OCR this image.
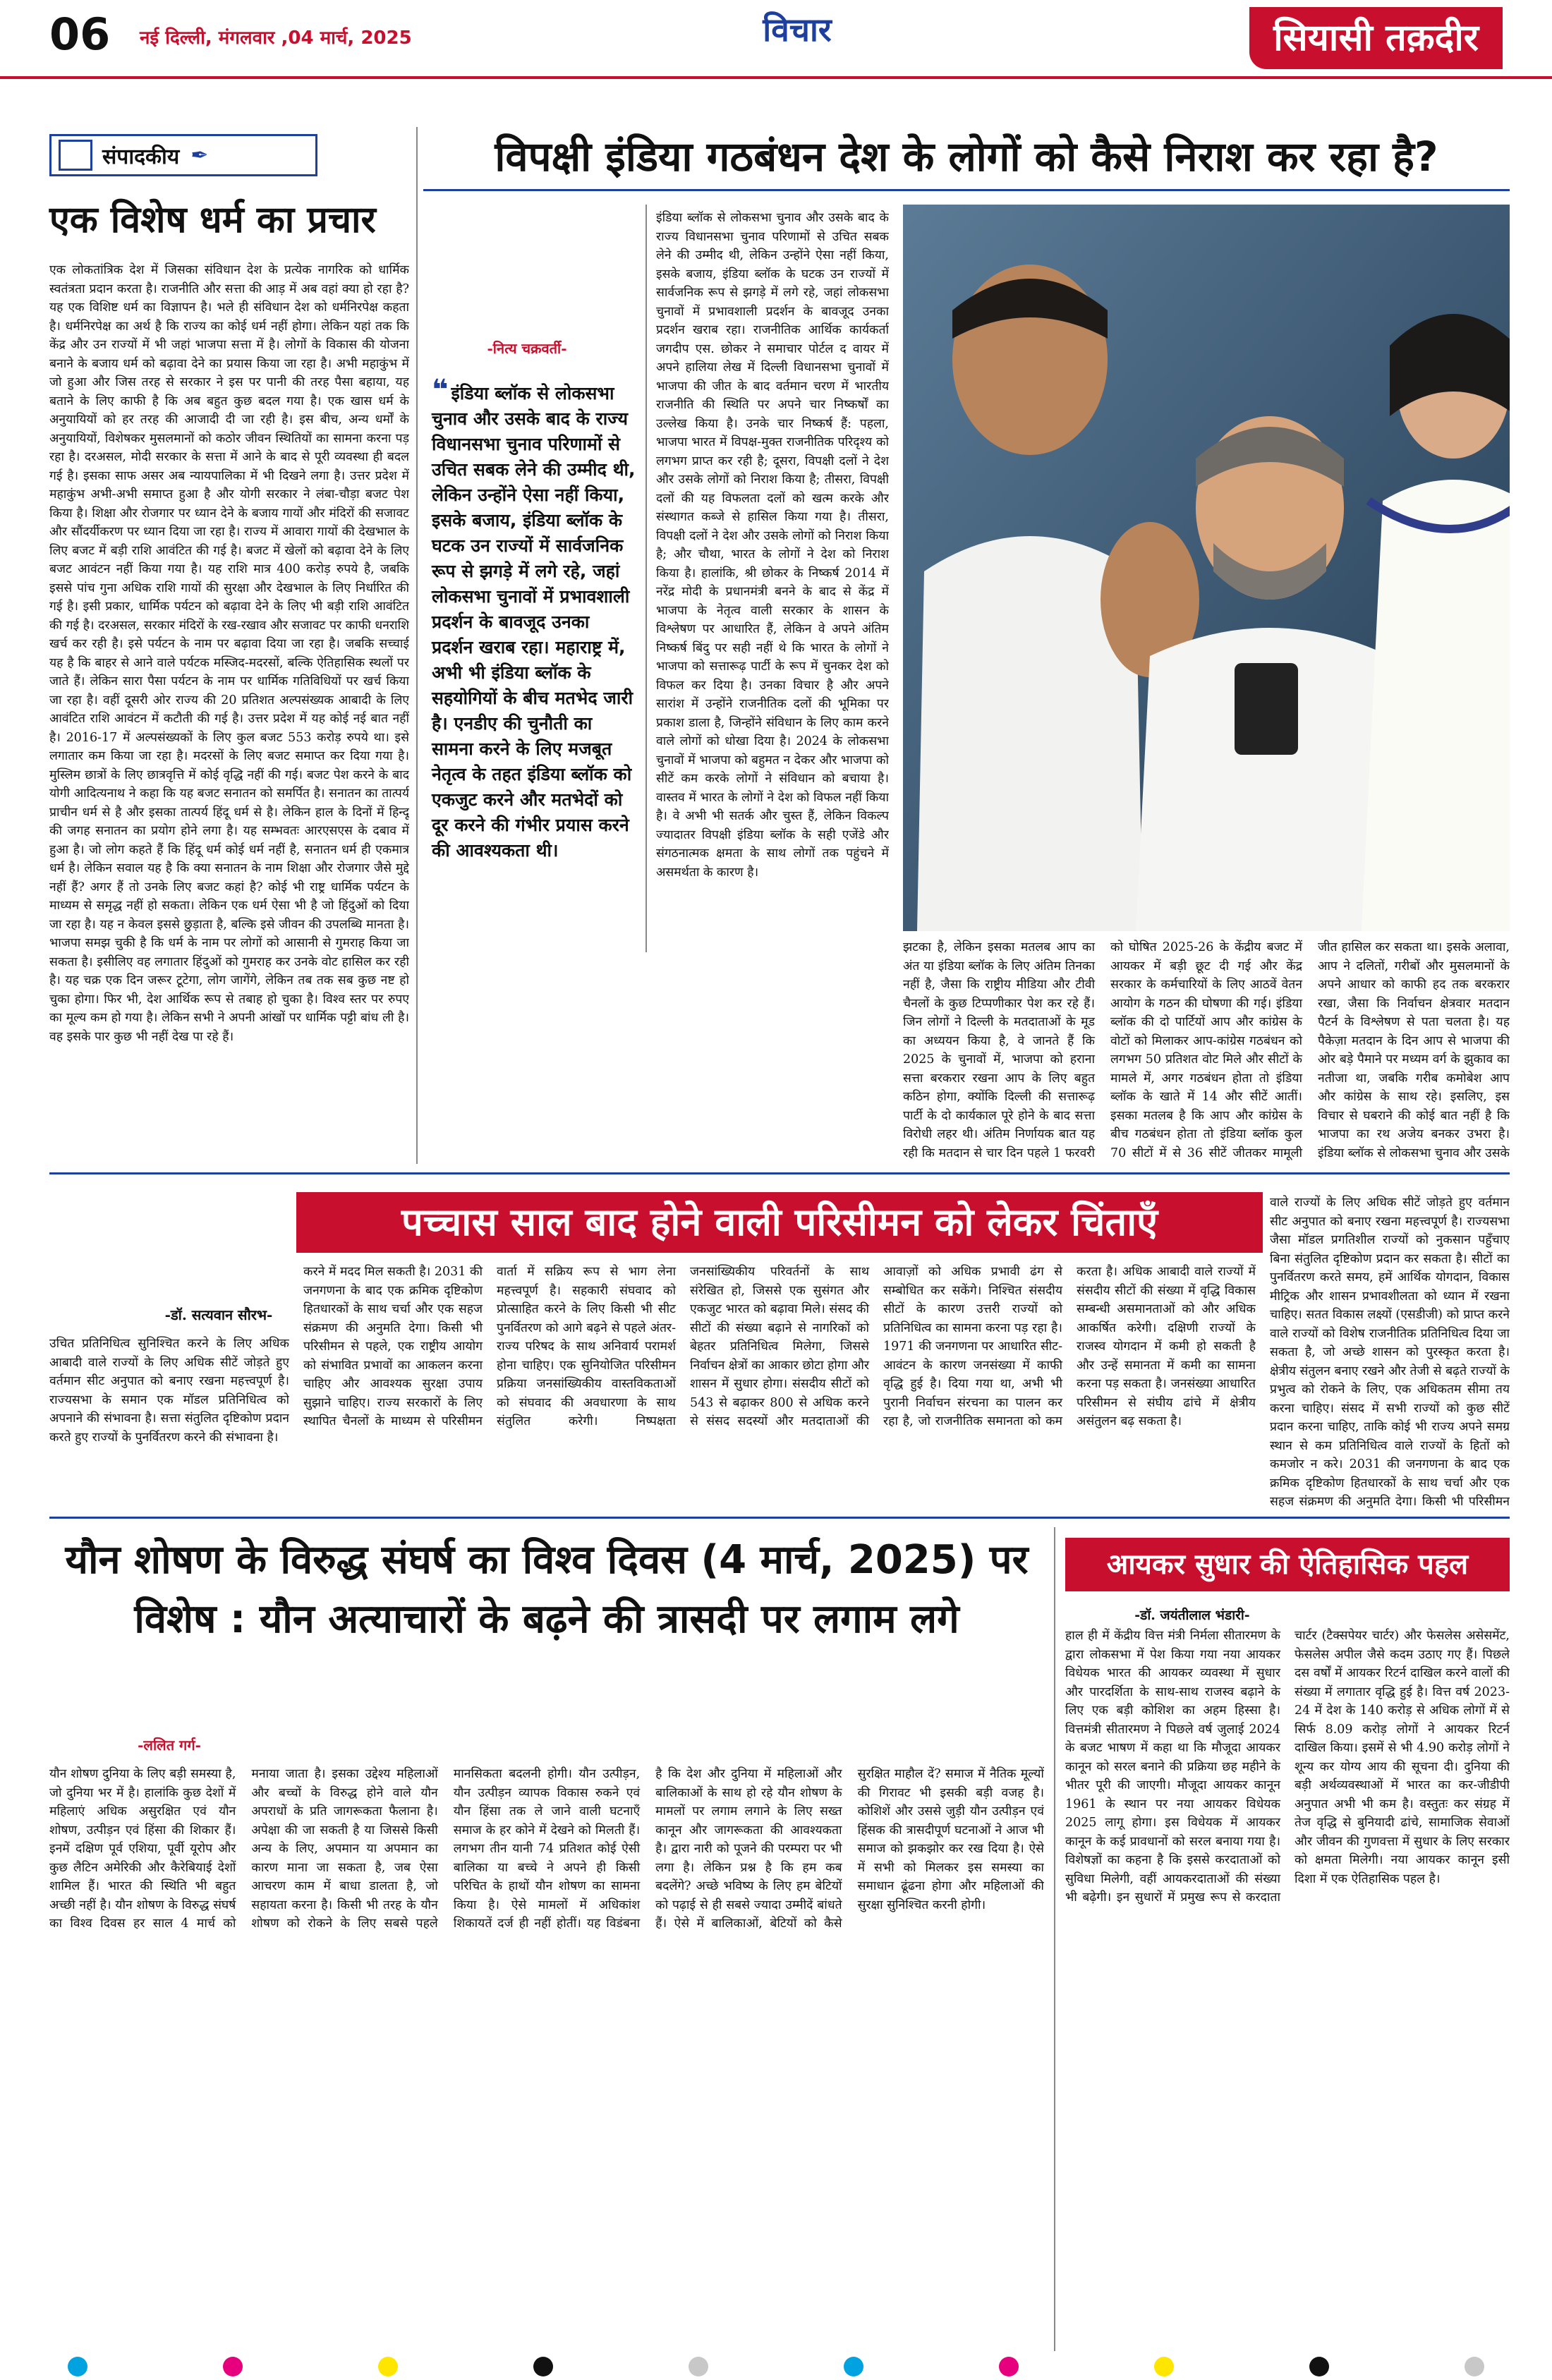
06 नई दिल्ली, मंगलवार ,04 मार्च, 2025	विचार	सियासी तक़दीर
संपादकीय ✒
एक विशेष धर्म का प्रचार
एक लोकतांत्रिक देश में जिसका संविधान देश के प्रत्येक नागरिक को धार्मिक स्वतंत्रता प्रदान करता है। राजनीति और सत्ता की आड़ में अब वहां क्या हो रहा है? यह एक विशिष्ट धर्म का विज्ञापन है। भले ही संविधान देश को धर्मनिरपेक्ष कहता है। धर्मनिरपेक्ष का अर्थ है कि राज्य का कोई धर्म नहीं होगा। लेकिन यहां तक कि केंद्र और उन राज्यों में भी जहां भाजपा सत्ता में है। लोगों के विकास की योजना बनाने के बजाय धर्म को बढ़ावा देने का प्रयास किया जा रहा है। अभी महाकुंभ में जो हुआ और जिस तरह से सरकार ने इस पर पानी की तरह पैसा बहाया, यह बताने के लिए काफी है कि अब बहुत कुछ बदल गया है। एक खास धर्म के अनुयायियों को हर तरह की आजादी दी जा रही है। इस बीच, अन्य धर्मों के अनुयायियों, विशेषकर मुसलमानों को कठोर जीवन स्थितियों का सामना करना पड़ रहा है। दरअसल, मोदी सरकार के सत्ता में आने के बाद से पूरी व्यवस्था ही बदल गई है। इसका साफ असर अब न्यायपालिका में भी दिखने लगा है। उत्तर प्रदेश में महाकुंभ अभी-अभी समाप्त हुआ है और योगी सरकार ने लंबा-चौड़ा बजट पेश किया है। शिक्षा और रोजगार पर ध्यान देने के बजाय गायों और मंदिरों की सजावट और सौंदर्यीकरण पर ध्यान दिया जा रहा है। राज्य में आवारा गायों की देखभाल के लिए बजट में बड़ी राशि आवंटित की गई है। बजट में खेलों को बढ़ावा देने के लिए बजट आवंटन नहीं किया गया है। यह राशि मात्र 400 करोड़ रुपये है, जबकि इससे पांच गुना अधिक राशि गायों की सुरक्षा और देखभाल के लिए निर्धारित की गई है। इसी प्रकार, धार्मिक पर्यटन को बढ़ावा देने के लिए भी बड़ी राशि आवंटित की गई है। दरअसल, सरकार मंदिरों के रख-रखाव और सजावट पर काफी धनराशि खर्च कर रही है। इसे पर्यटन के नाम पर बढ़ावा दिया जा रहा है। जबकि सच्चाई यह है कि बाहर से आने वाले पर्यटक मस्जिद-मदरसों, बल्कि ऐतिहासिक स्थलों पर जाते हैं। लेकिन सारा पैसा पर्यटन के नाम पर धार्मिक गतिविधियों पर खर्च किया जा रहा है। वहीं दूसरी ओर राज्य की 20 प्रतिशत अल्पसंख्यक आबादी के लिए आवंटित राशि आवंटन में कटौती की गई है। उत्तर प्रदेश में यह कोई नई बात नहीं है। 2016-17 में अल्पसंख्यकों के लिए कुल बजट 553 करोड़ रुपये था। इसे लगातार कम किया जा रहा है। मदरसों के लिए बजट समाप्त कर दिया गया है। मुस्लिम छात्रों के लिए छात्रवृत्ति में कोई वृद्धि नहीं की गई। बजट पेश करने के बाद योगी आदित्यनाथ ने कहा कि यह बजट सनातन को समर्पित है। सनातन का तात्पर्य प्राचीन धर्म से है और इसका तात्पर्य हिंदू धर्म से है। लेकिन हाल के दिनों में हिन्दू की जगह सनातन का प्रयोग होने लगा है। यह सम्भवतः आरएसएस के दबाव में हुआ है। जो लोग कहते हैं कि हिंदू धर्म कोई धर्म नहीं है, सनातन धर्म ही एकमात्र धर्म है। लेकिन सवाल यह है कि क्या सनातन के नाम शिक्षा और रोजगार जैसे मुद्दे नहीं हैं? अगर हैं तो उनके लिए बजट कहां है? कोई भी राष्ट्र धार्मिक पर्यटन के माध्यम से समृद्ध नहीं हो सकता। लेकिन एक धर्म ऐसा भी है जो हिंदुओं को दिया जा रहा है। यह न केवल इससे छुड़ाता है, बल्कि इसे जीवन की उपलब्धि मानता है। भाजपा समझ चुकी है कि धर्म के नाम पर लोगों को आसानी से गुमराह किया जा सकता है। इसीलिए वह लगातार हिंदुओं को गुमराह कर उनके वोट हासिल कर रही है। यह चक्र एक दिन जरूर टूटेगा, लोग जागेंगे, लेकिन तब तक सब कुछ नष्ट हो चुका होगा। फिर भी, देश आर्थिक रूप से तबाह हो चुका है। विश्व स्तर पर रुपए का मूल्य कम हो गया है। लेकिन सभी ने अपनी आंखों पर धार्मिक पट्टी बांध ली है। वह इसके पार कुछ भी नहीं देख पा रहे हैं।
विपक्षी इंडिया गठबंधन देश के लोगों को कैसे निराश कर रहा है?
-नित्य चक्रवर्ती-
❝ इंडिया ब्लॉक से लोकसभा चुनाव और उसके बाद के राज्य विधानसभा चुनाव परिणामों से उचित सबक लेने की उम्मीद थी, लेकिन उन्होंने ऐसा नहीं किया, इसके बजाय, इंडिया ब्लॉक के घटक उन राज्यों में सार्वजनिक रूप से झगड़े में लगे रहे, जहां लोकसभा चुनावों में प्रभावशाली प्रदर्शन के बावजूद उनका प्रदर्शन खराब रहा। महाराष्ट्र में, अभी भी इंडिया ब्लॉक के सहयोगियों के बीच मतभेद जारी है। एनडीए की चुनौती का सामना करने के लिए मजबूत नेतृत्व के तहत इंडिया ब्लॉक को एकजुट करने और मतभेदों को दूर करने की गंभीर प्रयास करने की आवश्यकता थी।
इंडिया ब्लॉक से लोकसभा चुनाव और उसके बाद के राज्य विधानसभा चुनाव परिणामों से उचित सबक लेने की उम्मीद थी, लेकिन उन्होंने ऐसा नहीं किया, इसके बजाय, इंडिया ब्लॉक के घटक उन राज्यों में सार्वजनिक रूप से झगड़े में लगे रहे, जहां लोकसभा चुनावों में प्रभावशाली प्रदर्शन के बावजूद उनका प्रदर्शन खराब रहा। राजनीतिक आर्थिक कार्यकर्ता जगदीप एस. छोकर ने समाचार पोर्टल द वायर में अपने हालिया लेख में दिल्ली विधानसभा चुनावों में भाजपा की जीत के बाद वर्तमान चरण में भारतीय राजनीति की स्थिति पर अपने चार निष्कर्षों का उल्लेख किया है। उनके चार निष्कर्ष हैं: पहला, भाजपा भारत में विपक्ष-मुक्त राजनीतिक परिदृश्य को लगभग प्राप्त कर रही है; दूसरा, विपक्षी दलों ने देश और उसके लोगों को निराश किया है; तीसरा, विपक्षी दलों की यह विफलता दलों को खत्म करके और संस्थागत कब्जे से हासिल किया गया है। तीसरा, विपक्षी दलों ने देश और उसके लोगों को निराश किया है; और चौथा, भारत के लोगों ने देश को निराश किया है। हालांकि, श्री छोकर के निष्कर्ष 2014 में नरेंद्र मोदी के प्रधानमंत्री बनने के बाद से केंद्र में भाजपा के नेतृत्व वाली सरकार के शासन के विश्लेषण पर आधारित हैं, लेकिन वे अपने अंतिम निष्कर्ष बिंदु पर सही नहीं थे कि भारत के लोगों ने भाजपा को सत्तारूढ़ पार्टी के रूप में चुनकर देश को विफल कर दिया है। उनका विचार है और अपने सारांश में उन्होंने राजनीतिक दलों की भूमिका पर प्रकाश डाला है, जिन्होंने संविधान के लिए काम करने वाले लोगों को धोखा दिया है। 2024 के लोकसभा चुनावों में भाजपा को बहुमत न देकर और भाजपा को सीटें कम करके लोगों ने संविधान को बचाया है। वास्तव में भारत के लोगों ने देश को विफल नहीं किया है। वे अभी भी सतर्क और चुस्त हैं, लेकिन विकल्प ज्यादातर विपक्षी इंडिया ब्लॉक के सही एजेंडे और संगठनात्मक क्षमता के साथ लोगों तक पहुंचने में असमर्थता के कारण है।
झटका है, लेकिन इसका मतलब आप का अंत या इंडिया ब्लॉक के लिए अंतिम तिनका नहीं है, जैसा कि राष्ट्रीय मीडिया और टीवी चैनलों के कुछ टिप्पणीकार पेश कर रहे हैं। जिन लोगों ने दिल्ली के मतदाताओं के मूड का अध्ययन किया है, वे जानते हैं कि 2025 के चुनावों में, भाजपा को हराना सत्ता बरकरार रखना आप के लिए बहुत कठिन होगा, क्योंकि दिल्ली की सत्तारूढ़ पार्टी के दो कार्यकाल पूरे होने के बाद सत्ता विरोधी लहर थी। अंतिम निर्णायक बात यह रही कि मतदान से चार दिन पहले 1 फरवरी को घोषित 2025-26 के केंद्रीय बजट में आयकर में बड़ी छूट दी गई और केंद्र सरकार के कर्मचारियों के लिए आठवें वेतन आयोग के गठन की घोषणा की गई। इंडिया ब्लॉक की दो पार्टियों आप और कांग्रेस के वोटों को मिलाकर आप-कांग्रेस गठबंधन को लगभग 50 प्रतिशत वोट मिले और सीटों के मामले में, अगर गठबंधन होता तो इंडिया ब्लॉक के खाते में 14 और सीटें आतीं। इसका मतलब है कि आप और कांग्रेस के बीच गठबंधन होता तो इंडिया ब्लॉक कुल 70 सीटों में से 36 सीटें जीतकर मामूली जीत हासिल कर सकता था। इसके अलावा, आप ने दलितों, गरीबों और मुसलमानों के अपने आधार को काफी हद तक बरकरार रखा, जैसा कि निर्वाचन क्षेत्रवार मतदान पैटर्न के विश्लेषण से पता चलता है। यह पैकेज़ा मतदान के दिन आप से भाजपा की ओर बड़े पैमाने पर मध्यम वर्ग के झुकाव का नतीजा था, जबकि गरीब कमोबेश आप और कांग्रेस के साथ रहे। इसलिए, इस विचार से घबराने की कोई बात नहीं है कि भाजपा का रथ अजेय बनकर उभरा है। इंडिया ब्लॉक से लोकसभा चुनाव और उसके
उचित प्रतिनिधित्व सुनिश्चित करने के लिए अधिक आबादी वाले राज्यों के लिए अधिक सीटें जोड़ते हुए वर्तमान सीट अनुपात को बनाए रखना महत्त्वपूर्ण है। राज्यसभा के समान एक मॉडल प्रतिनिधित्व को अपनाने की संभावना है। सत्ता संतुलित दृष्टिकोण प्रदान करते हुए राज्यों के पुनर्वितरण करने की संभावना है।
करने में मदद मिल सकती है। 2031 की जनगणना के बाद एक क्रमिक दृष्टिकोण हितधारकों के साथ चर्चा और एक सहज संक्रमण की अनुमति देगा। किसी भी परिसीमन से पहले, एक राष्ट्रीय आयोग को संभावित प्रभावों का आकलन करना चाहिए और आवश्यक सुरक्षा उपाय सुझाने चाहिए। राज्य सरकारों के लिए स्थापित चैनलों के माध्यम से परिसीमन वार्ता में सक्रिय रूप से भाग लेना महत्त्वपूर्ण है। सहकारी संघवाद को प्रोत्साहित करने के लिए किसी भी सीट पुनर्वितरण को आगे बढ़ने से पहले अंतर-राज्य परिषद के साथ अनिवार्य परामर्श होना चाहिए। एक सुनियोजित परिसीमन प्रक्रिया जनसांख्यिकीय वास्तविकताओं को संघवाद की अवधारणा के साथ संतुलित करेगी। निष्पक्षता जनसांख्यिकीय परिवर्तनों के साथ संरेखित हो, जिससे एक सुसंगत और एकजुट भारत को बढ़ावा मिले। संसद की सीटों की संख्या बढ़ाने से नागरिकों को बेहतर प्रतिनिधित्व मिलेगा, जिससे निर्वाचन क्षेत्रों का आकार छोटा होगा और शासन में सुधार होगा। संसदीय सीटों को 543 से बढ़ाकर 800 से अधिक करने से संसद सदस्यों और मतदाताओं की आवाज़ों को अधिक प्रभावी ढंग से सम्बोधित कर सकेंगे। निश्चित संसदीय सीटों के कारण उत्तरी राज्यों को प्रतिनिधित्व का सामना करना पड़ रहा है। 1971 की जनगणना पर आधारित सीट-आवंटन के कारण जनसंख्या में काफी वृद्धि हुई है। दिया गया था, अभी भी पुरानी निर्वाचन संरचना का पालन कर रहा है, जो राजनीतिक समानता को कम करता है। अधिक आबादी वाले राज्यों में संसदीय सीटों की संख्या में वृद्धि विकास सम्बन्धी असमानताओं को और अधिक आकर्षित करेगी। दक्षिणी राज्यों के राजस्व योगदान में कमी हो सकती है और उन्हें समानता में कमी का सामना करना पड़ सकता है। जनसंख्या आधारित परिसीमन से संघीय ढांचे में क्षेत्रीय असंतुलन बढ़ सकता है।
वाले राज्यों के लिए अधिक सीटें जोड़ते हुए वर्तमान सीट अनुपात को बनाए रखना महत्त्वपूर्ण है। राज्यसभा जैसा मॉडल प्रगतिशील राज्यों को नुकसान पहुँचाए बिना संतुलित दृष्टिकोण प्रदान कर सकता है। सीटों का पुनर्वितरण करते समय, हमें आर्थिक योगदान, विकास मीट्रिक और शासन प्रभावशीलता को ध्यान में रखना चाहिए। सतत विकास लक्ष्यों (एसडीजी) को प्राप्त करने वाले राज्यों को विशेष राजनीतिक प्रतिनिधित्व दिया जा सकता है, जो अच्छे शासन को पुरस्कृत करता है। क्षेत्रीय संतुलन बनाए रखने और तेजी से बढ़ते राज्यों के प्रभुत्व को रोकने के लिए, एक अधिकतम सीमा तय करना चाहिए। संसद में सभी राज्यों को कुछ सीटें प्रदान करना चाहिए, ताकि कोई भी राज्य अपने समग्र स्थान से कम प्रतिनिधित्व वाले राज्यों के हितों को कमजोर न करे। 2031 की जनगणना के बाद एक क्रमिक दृष्टिकोण हितधारकों के साथ चर्चा और एक सहज संक्रमण की अनुमति देगा। किसी भी परिसीमन
पच्चास साल बाद होने वाली परिसीमन को लेकर चिंताएँ
-डॉ. सत्यवान सौरभ-
यौन शोषण के विरुद्ध संघर्ष का विश्व दिवस (4 मार्च, 2025) पर विशेष : यौन अत्याचारों के बढ़ने की त्रासदी पर लगाम लगे
-ललित गर्ग-
यौन शोषण दुनिया के लिए बड़ी समस्या है, जो दुनिया भर में है। हालांकि कुछ देशों में महिलाएं अधिक असुरक्षित एवं यौन शोषण, उत्पीड़न एवं हिंसा की शिकार हैं। इनमें दक्षिण पूर्व एशिया, पूर्वी यूरोप और कुछ लैटिन अमेरिकी और कैरेबियाई देशों शामिल हैं। भारत की स्थिति भी बहुत अच्छी नहीं है। यौन शोषण के विरुद्ध संघर्ष का विश्व दिवस हर साल 4 मार्च को मनाया जाता है। इसका उद्देश्य महिलाओं और बच्चों के विरुद्ध होने वाले यौन अपराधों के प्रति जागरूकता फैलाना है। अपेक्षा की जा सकती है या जिससे किसी अन्य के लिए, अपमान या अपमान का कारण माना जा सकता है, जब ऐसा आचरण काम में बाधा डालता है, जो सहायता करना है। किसी भी तरह के यौन शोषण को रोकने के लिए सबसे पहले मानसिकता बदलनी होगी। यौन उत्पीड़न, यौन उत्पीड़न व्यापक विकास रुकने एवं यौन हिंसा तक ले जाने वाली घटनाएँ समाज के हर कोने में देखने को मिलती हैं। लगभग तीन यानी 74 प्रतिशत कोई ऐसी बालिका या बच्चे ने अपने ही किसी परिचित के हाथों यौन शोषण का सामना किया है। ऐसे मामलों में अधिकांश शिकायतें दर्ज ही नहीं होतीं। यह विडंबना है कि देश और दुनिया में महिलाओं और बालिकाओं के साथ हो रहे यौन शोषण के मामलों पर लगाम लगाने के लिए सख्त कानून और जागरूकता की आवश्यकता है। द्वारा नारी को पूजने की परम्परा पर भी लगा है। लेकिन प्रश्न है कि हम कब बदलेंगे? अच्छे भविष्य के लिए हम बेटियों को पढ़ाई से ही सबसे ज्यादा उम्मीदें बांधते हैं। ऐसे में बालिकाओं, बेटियों को कैसे सुरक्षित माहौल दें? समाज में नैतिक मूल्यों की गिरावट भी इसकी बड़ी वजह है। कोशिशें और उससे जुड़ी यौन उत्पीड़न एवं हिंसक की त्रासदीपूर्ण घटनाओं ने आज भी समाज को झकझोर कर रख दिया है। ऐसे में सभी को मिलकर इस समस्या का समाधान ढूंढना होगा और महिलाओं की सुरक्षा सुनिश्चित करनी होगी।
आयकर सुधार की ऐतिहासिक पहल
-डॉ. जयंतीलाल भंडारी-
हाल ही में केंद्रीय वित्त मंत्री निर्मला सीतारमण के द्वारा लोकसभा में पेश किया गया नया आयकर विधेयक भारत की आयकर व्यवस्था में सुधार और पारदर्शिता के साथ-साथ राजस्व बढ़ाने के लिए एक बड़ी कोशिश का अहम हिस्सा है। वित्तमंत्री सीतारमण ने पिछले वर्ष जुलाई 2024 के बजट भाषण में कहा था कि मौजूदा आयकर कानून को सरल बनाने की प्रक्रिया छह महीने के भीतर पूरी की जाएगी। मौजूदा आयकर कानून 1961 के स्थान पर नया आयकर विधेयक 2025 लागू होगा। इस विधेयक में आयकर कानून के कई प्रावधानों को सरल बनाया गया है। विशेषज्ञों का कहना है कि इससे करदाताओं को सुविधा मिलेगी, वहीं आयकरदाताओं की संख्या भी बढ़ेगी। इन सुधारों में प्रमुख रूप से करदाता चार्टर (टैक्सपेयर चार्टर) और फेसलेस असेसमेंट, फेसलेस अपील जैसे कदम उठाए गए हैं। पिछले दस वर्षों में आयकर रिटर्न दाखिल करने वालों की संख्या में लगातार वृद्धि हुई है। वित्त वर्ष 2023-24 में देश के 140 करोड़ से अधिक लोगों में से सिर्फ 8.09 करोड़ लोगों ने आयकर रिटर्न दाखिल किया। इसमें से भी 4.90 करोड़ लोगों ने शून्य कर योग्य आय की सूचना दी। दुनिया की बड़ी अर्थव्यवस्थाओं में भारत का कर-जीडीपी अनुपात अभी भी कम है। वस्तुतः कर संग्रह में तेज वृद्धि से बुनियादी ढांचे, सामाजिक सेवाओं और जीवन की गुणवत्ता में सुधार के लिए सरकार को क्षमता मिलेगी। नया आयकर कानून इसी दिशा में एक ऐतिहासिक पहल है।
